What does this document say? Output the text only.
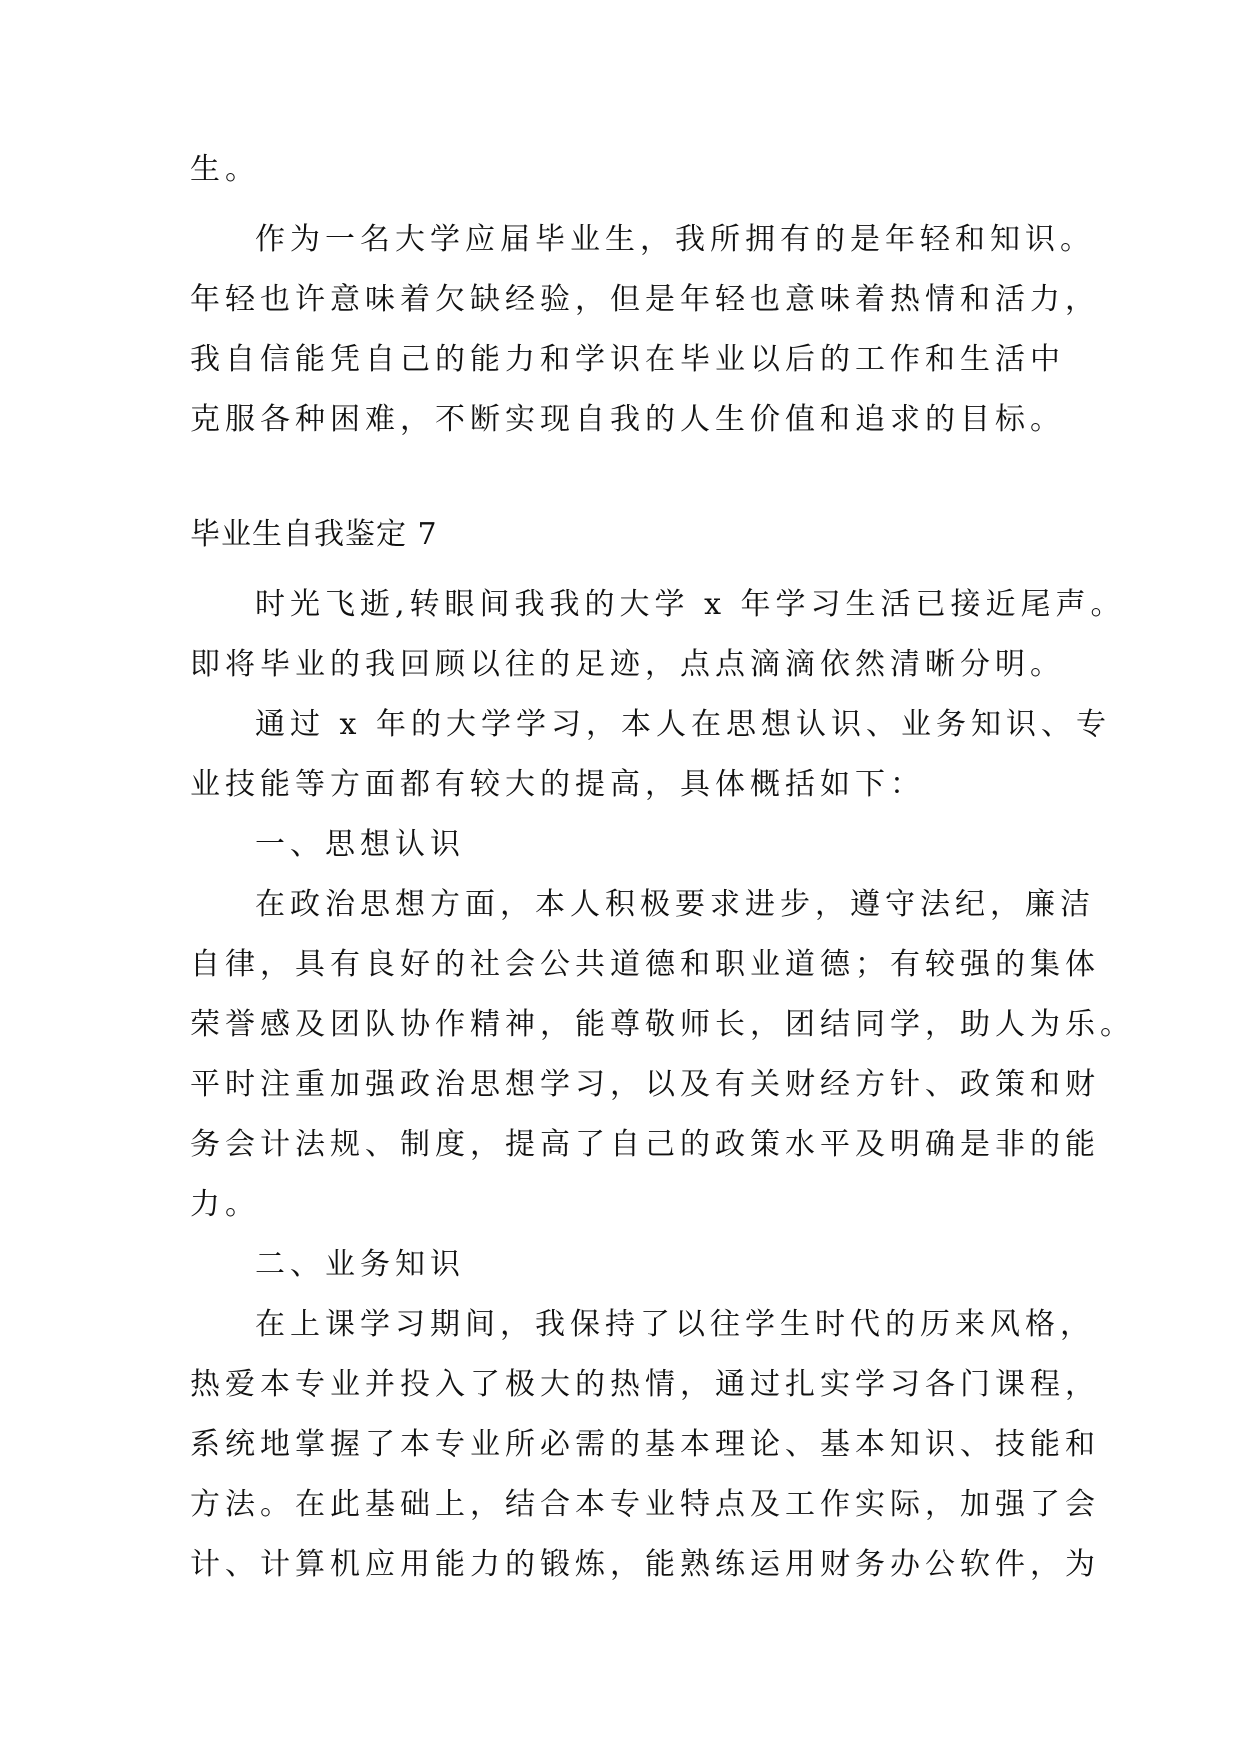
生。
作为一名大学应届毕业生，我所拥有的是年轻和知识。
年轻也许意味着欠缺经验，但是年轻也意味着热情和活力，
我自信能凭自己的能力和学识在毕业以后的工作和生活中
克服各种困难，不断实现自我的人生价值和追求的目标。
毕业生自我鉴定 7
时光飞逝,转眼间我我的大学 x 年学习生活已接近尾声。
即将毕业的我回顾以往的足迹，点点滴滴依然清晰分明。
通过 x 年的大学学习，本人在思想认识、业务知识、专
业技能等方面都有较大的提高，具体概括如下：
一、思想认识
在政治思想方面，本人积极要求进步，遵守法纪，廉洁
自律，具有良好的社会公共道德和职业道德；有较强的集体
荣誉感及团队协作精神，能尊敬师长，团结同学，助人为乐。
平时注重加强政治思想学习，以及有关财经方针、政策和财
务会计法规、制度，提高了自己的政策水平及明确是非的能
力。
二、业务知识
在上课学习期间，我保持了以往学生时代的历来风格，
热爱本专业并投入了极大的热情，通过扎实学习各门课程，
系统地掌握了本专业所必需的基本理论、基本知识、技能和
方法。在此基础上，结合本专业特点及工作实际，加强了会
计、计算机应用能力的锻炼，能熟练运用财务办公软件，为
